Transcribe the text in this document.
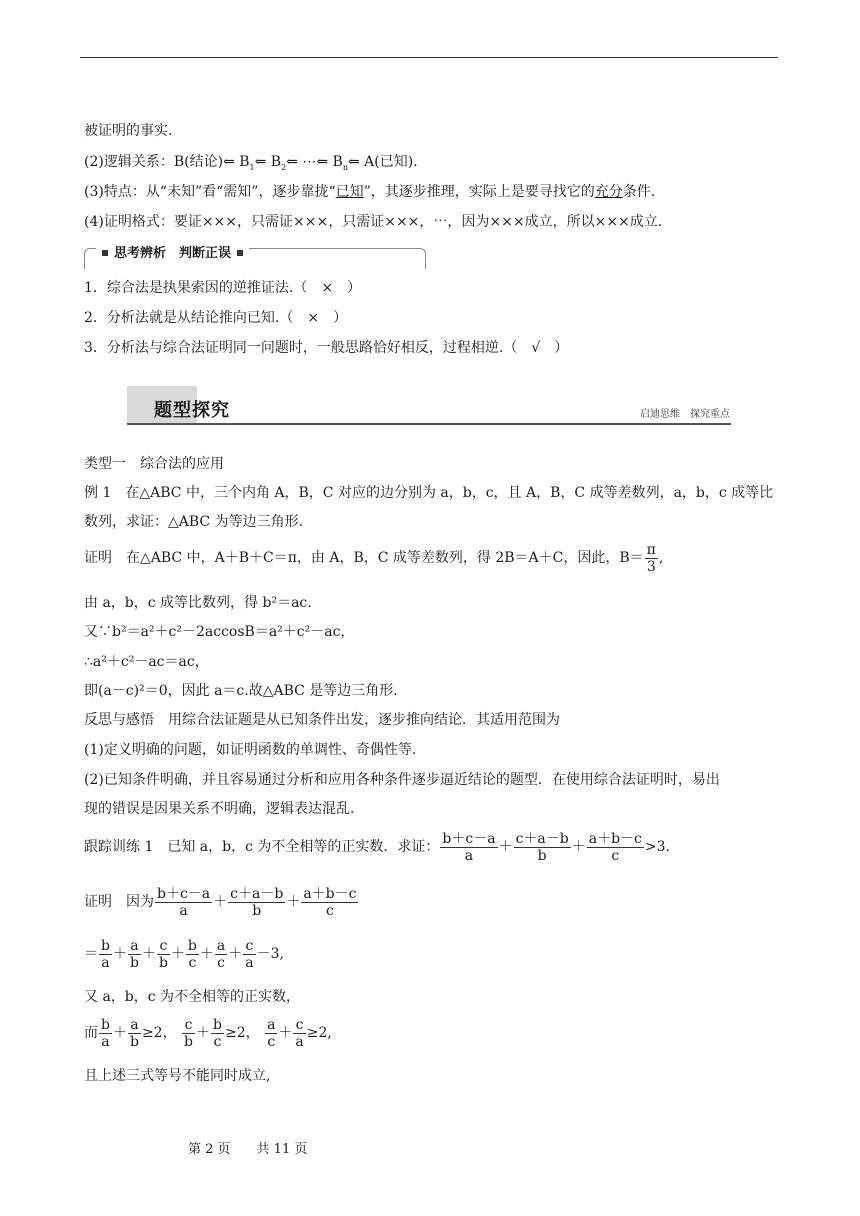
被证明的事实.
(2)逻辑关系：B(结论)⇐ $B_1⇐$ $B_2⇐$ ⋯⇐ $B_n⇐$ A(已知).
(3)特点：从“未知”看“需知”，逐步靠拢“已知”，其逐步推理，实际上是要寻找它的充分条件.
(4)证明格式：要证×××，只需证×××，只需证×××，⋯，因为×××成立，所以×××成立.
思考辨析　判断正误
1．综合法是执果索因的逆推证法.（　×　）
2．分析法就是从结论推向已知.（　×　）
3．分析法与综合法证明同一问题时，一般思路恰好相反，过程相逆.（　√　）
题型探究	启迪思维　探究重点
类型一　综合法的应用
例 1　在△ABC 中，三个内角 A，B，C 对应的边分别为 a，b，c，且 A，B，C 成等差数列，a，b，c 成等比
数列，求证：△ABC 为等边三角形.
证明　在△ABC 中，A＋B＋C＝π，由 A，B，C 成等差数列，得 2B＝A＋C，因此，$B= \frac{\pi}{3}$ ,
由 a，b，c 成等比数列，得 b²＝ac.
又∵b²＝a²＋c²－2accosB＝a²＋c²－ac，
∴a²＋c²－ac＝ac，
即(a－c)²＝0，因此 a＝c.故△ABC 是等边三角形.
反思与感悟　用综合法证题是从已知条件出发，逐步推向结论．其适用范围为
(1)定义明确的问题，如证明函数的单调性、奇偶性等.
(2)已知条件明确，并且容易通过分析和应用各种条件逐步逼近结论的题型．在使用综合法证明时，易出
现的错误是因果关系不明确，逻辑表达混乱.
跟踪训练 1　已知 a，b，c 为不全相等的正实数．求证： $\frac{b+c-a}{a} + \frac{c+a-b}{b} + \frac{a+b-c}{c} >3$.
证明　因为 $\frac{b+c-a}{a} + \frac{c+a-b}{b} + \frac{a+b-c}{c}$
＝ $\frac{b}{a} + \frac{a}{b} + \frac{c}{b} + \frac{b}{c} + \frac{a}{c} + \frac{c}{a} -3$,
又 a，b，c 为不全相等的正实数，
而 $\frac{b}{a} + \frac{a}{b} \ge 2$， $\frac{c}{b} + \frac{b}{c} \ge 2$， $\frac{a}{c} + \frac{c}{a} \ge 2$,
且上述三式等号不能同时成立,
第 2 页　　共 11 页
